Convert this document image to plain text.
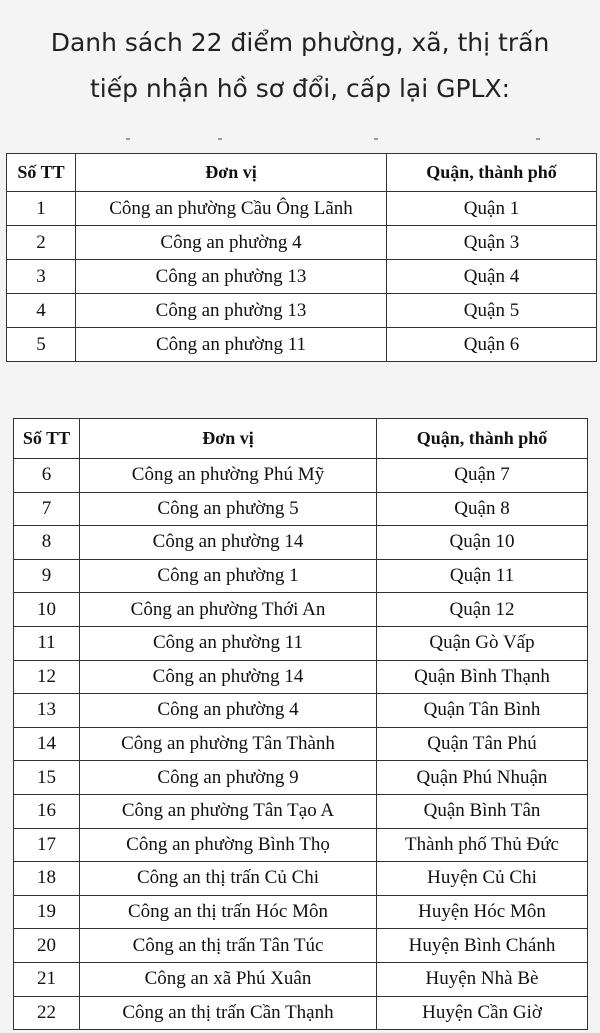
Danh sách 22 điểm phường, xã, thị trấn
tiếp nhận hồ sơ đổi, cấp lại GPLX:
Số TT	Đơn vị	Quận, thành phố
1	Công an phường Cầu Ông Lãnh	Quận 1
2	Công an phường 4	Quận 3
3	Công an phường 13	Quận 4
4	Công an phường 13	Quận 5
5	Công an phường 11	Quận 6
Số TT	Đơn vị	Quận, thành phố
6	Công an phường Phú Mỹ	Quận 7
7	Công an phường 5	Quận 8
8	Công an phường 14	Quận 10
9	Công an phường 1	Quận 11
10	Công an phường Thới An	Quận 12
11	Công an phường 11	Quận Gò Vấp
12	Công an phường 14	Quận Bình Thạnh
13	Công an phường 4	Quận Tân Bình
14	Công an phường Tân Thành	Quận Tân Phú
15	Công an phường 9	Quận Phú Nhuận
16	Công an phường Tân Tạo A	Quận Bình Tân
17	Công an phường Bình Thọ	Thành phố Thủ Đức
18	Công an thị trấn Củ Chi	Huyện Củ Chi
19	Công an thị trấn Hóc Môn	Huyện Hóc Môn
20	Công an thị trấn Tân Túc	Huyện Bình Chánh
21	Công an xã Phú Xuân	Huyện Nhà Bè
22	Công an thị trấn Cần Thạnh	Huyện Cần Giờ
